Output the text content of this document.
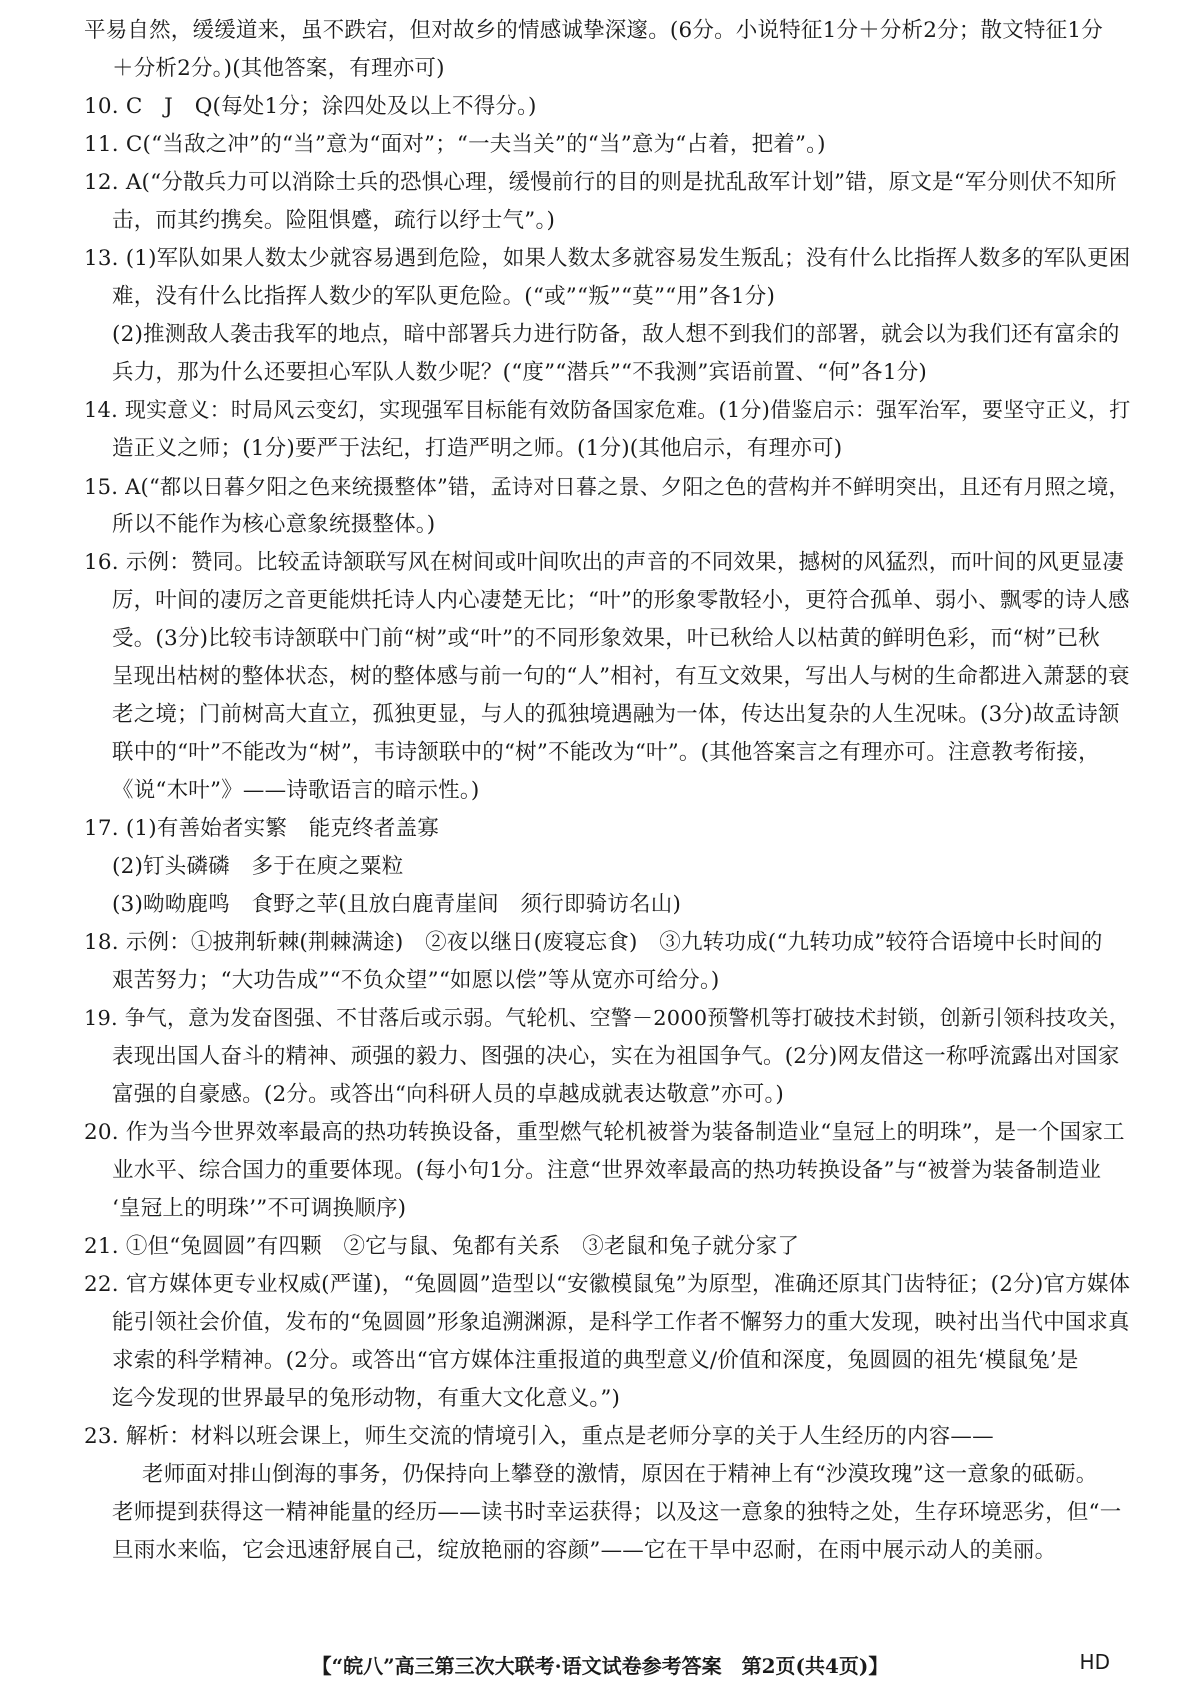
平易自然，缓缓道来，虽不跌宕，但对故乡的情感诚挚深邃。(6分。小说特征1分＋分析2分；散文特征1分
＋分析2分。)(其他答案，有理亦可)
10. C　J　Q(每处1分；涂四处及以上不得分。)
11. C(“当敌之冲”的“当”意为“面对”；“一夫当关”的“当”意为“占着，把着”。)
12. A(“分散兵力可以消除士兵的恐惧心理，缓慢前行的目的则是扰乱敌军计划”错，原文是“军分则伏不知所
击，而其约携矣。险阻惧蹙，疏行以纾士气”。)
13. (1)军队如果人数太少就容易遇到危险，如果人数太多就容易发生叛乱；没有什么比指挥人数多的军队更困
难，没有什么比指挥人数少的军队更危险。(“或”“叛”“莫”“用”各1分)
(2)推测敌人袭击我军的地点，暗中部署兵力进行防备，敌人想不到我们的部署，就会以为我们还有富余的
兵力，那为什么还要担心军队人数少呢？(“度”“潜兵”“不我测”宾语前置、“何”各1分)
14. 现实意义：时局风云变幻，实现强军目标能有效防备国家危难。(1分)借鉴启示：强军治军，要坚守正义，打
造正义之师；(1分)要严于法纪，打造严明之师。(1分)(其他启示，有理亦可)
15. A(“都以日暮夕阳之色来统摄整体”错，孟诗对日暮之景、夕阳之色的营构并不鲜明突出，且还有月照之境，
所以不能作为核心意象统摄整体。)
16. 示例：赞同。比较孟诗颔联写风在树间或叶间吹出的声音的不同效果，撼树的风猛烈，而叶间的风更显凄
厉，叶间的凄厉之音更能烘托诗人内心凄楚无比；“叶”的形象零散轻小，更符合孤单、弱小、飘零的诗人感
受。(3分)比较韦诗颔联中门前“树”或“叶”的不同形象效果，叶已秋给人以枯黄的鲜明色彩，而“树”已秋
呈现出枯树的整体状态，树的整体感与前一句的“人”相衬，有互文效果，写出人与树的生命都进入萧瑟的衰
老之境；门前树高大直立，孤独更显，与人的孤独境遇融为一体，传达出复杂的人生况味。(3分)故孟诗颔
联中的“叶”不能改为“树”，韦诗颔联中的“树”不能改为“叶”。(其他答案言之有理亦可。注意教考衔接，
《说“木叶”》——诗歌语言的暗示性。)
17. (1)有善始者实繁　能克终者盖寡
(2)钉头磷磷　多于在庾之粟粒
(3)呦呦鹿鸣　食野之苹(且放白鹿青崖间　须行即骑访名山)
18. 示例：①披荆斩棘(荆棘满途)　②夜以继日(废寝忘食)　③九转功成(“九转功成”较符合语境中长时间的
艰苦努力；“大功告成”“不负众望”“如愿以偿”等从宽亦可给分。)
19. 争气，意为发奋图强、不甘落后或示弱。气轮机、空警－2000预警机等打破技术封锁，创新引领科技攻关，
表现出国人奋斗的精神、顽强的毅力、图强的决心，实在为祖国争气。(2分)网友借这一称呼流露出对国家
富强的自豪感。(2分。或答出“向科研人员的卓越成就表达敬意”亦可。)
20. 作为当今世界效率最高的热功转换设备，重型燃气轮机被誉为装备制造业“皇冠上的明珠”，是一个国家工
业水平、综合国力的重要体现。(每小句1分。注意“世界效率最高的热功转换设备”与“被誉为装备制造业
‘皇冠上的明珠’”不可调换顺序)
21. ①但“兔圆圆”有四颗　②它与鼠、兔都有关系　③老鼠和兔子就分家了
22. 官方媒体更专业权威(严谨)，“兔圆圆”造型以“安徽模鼠兔”为原型，准确还原其门齿特征；(2分)官方媒体
能引领社会价值，发布的“兔圆圆”形象追溯渊源，是科学工作者不懈努力的重大发现，映衬出当代中国求真
求索的科学精神。(2分。或答出“官方媒体注重报道的典型意义/价值和深度，兔圆圆的祖先‘模鼠兔’是
迄今发现的世界最早的兔形动物，有重大文化意义。”)
23. 解析：材料以班会课上，师生交流的情境引入，重点是老师分享的关于人生经历的内容——
老师面对排山倒海的事务，仍保持向上攀登的激情，原因在于精神上有“沙漠玫瑰”这一意象的砥砺。
老师提到获得这一精神能量的经历——读书时幸运获得；以及这一意象的独特之处，生存环境恶劣，但“一
旦雨水来临，它会迅速舒展自己，绽放艳丽的容颜”——它在干旱中忍耐，在雨中展示动人的美丽。
【“皖八”高三第三次大联考·语文试卷参考答案　第2页(共4页)】	HD
